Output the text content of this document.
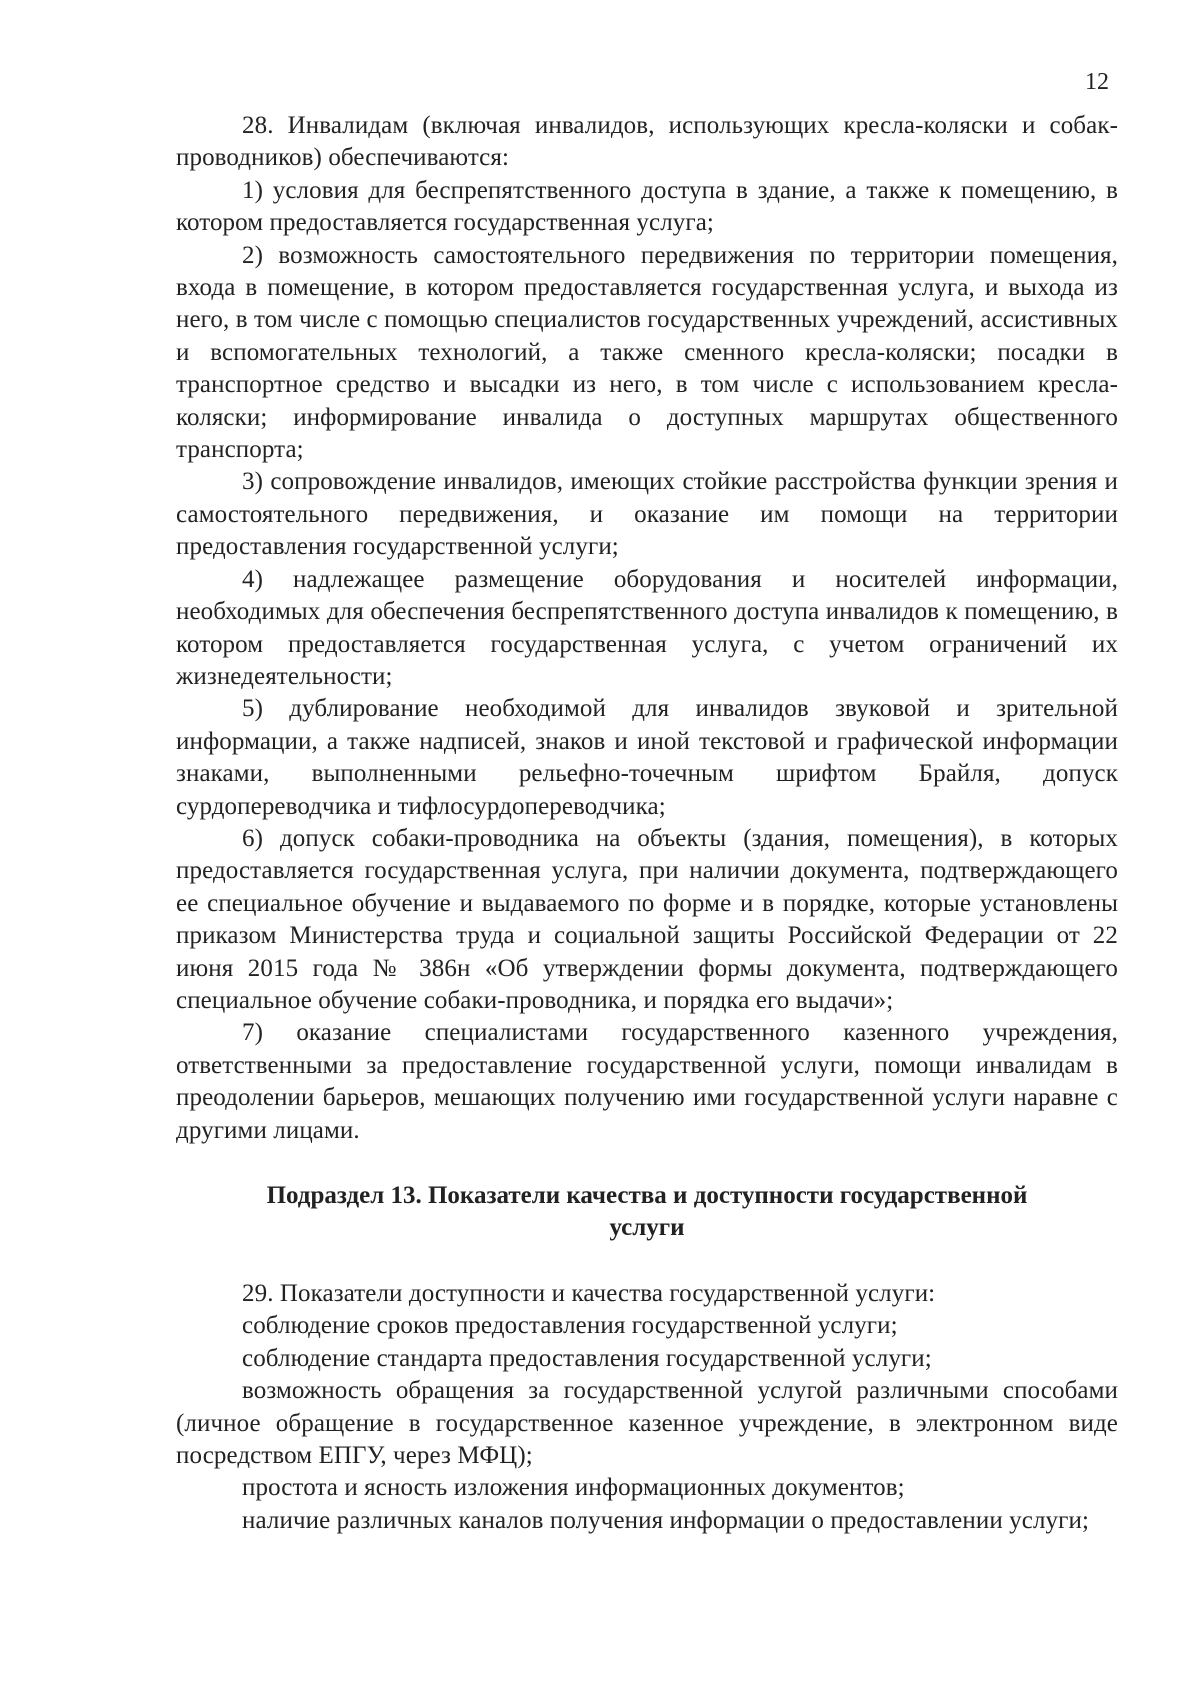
12

28. Инвалидам (включая инвалидов, использующих кресла-коляски и собак-проводников) обеспечиваются:

1) условия для беспрепятственного доступа в здание, а также к помещению, в котором предоставляется государственная услуга;

2) возможность самостоятельного передвижения по территории помещения, входа в помещение, в котором предоставляется государственная услуга, и выхода из него, в том числе с помощью специалистов государственных учреждений, ассистивных и вспомогательных технологий, а также сменного кресла-коляски; посадки в транспортное средство и высадки из него, в том числе с использованием кресла-коляски; информирование инвалида о доступных маршрутах общественного транспорта;

3) сопровождение инвалидов, имеющих стойкие расстройства функции зрения и самостоятельного передвижения, и оказание им помощи на территории предоставления государственной услуги;

4) надлежащее размещение оборудования и носителей информации, необходимых для обеспечения беспрепятственного доступа инвалидов к помещению, в котором предоставляется государственная услуга, с учетом ограничений их жизнедеятельности;

5) дублирование необходимой для инвалидов звуковой и зрительной информации, а также надписей, знаков и иной текстовой и графической информации знаками, выполненными рельефно-точечным шрифтом Брайля, допуск сурдопереводчика и тифлосурдопереводчика;

6) допуск собаки-проводника на объекты (здания, помещения), в которых предоставляется государственная услуга, при наличии документа, подтверждающего ее специальное обучение и выдаваемого по форме и в порядке, которые установлены приказом Министерства труда и социальной защиты Российской Федерации от 22 июня 2015 года № 386н «Об утверждении формы документа, подтверждающего специальное обучение собаки-проводника, и порядка его выдачи»;

7) оказание специалистами государственного казенного учреждения, ответственными за предоставление государственной услуги, помощи инвалидам в преодолении барьеров, мешающих получению ими государственной услуги наравне с другими лицами.

Подраздел 13. Показатели качества и доступности государственной
услуги

29. Показатели доступности и качества государственной услуги:

соблюдение сроков предоставления государственной услуги;

соблюдение стандарта предоставления государственной услуги;

возможность обращения за государственной услугой различными способами (личное обращение в государственное казенное учреждение, в электронном виде посредством ЕПГУ, через МФЦ);

простота и ясность изложения информационных документов;

наличие различных каналов получения информации о предоставлении услуги;
